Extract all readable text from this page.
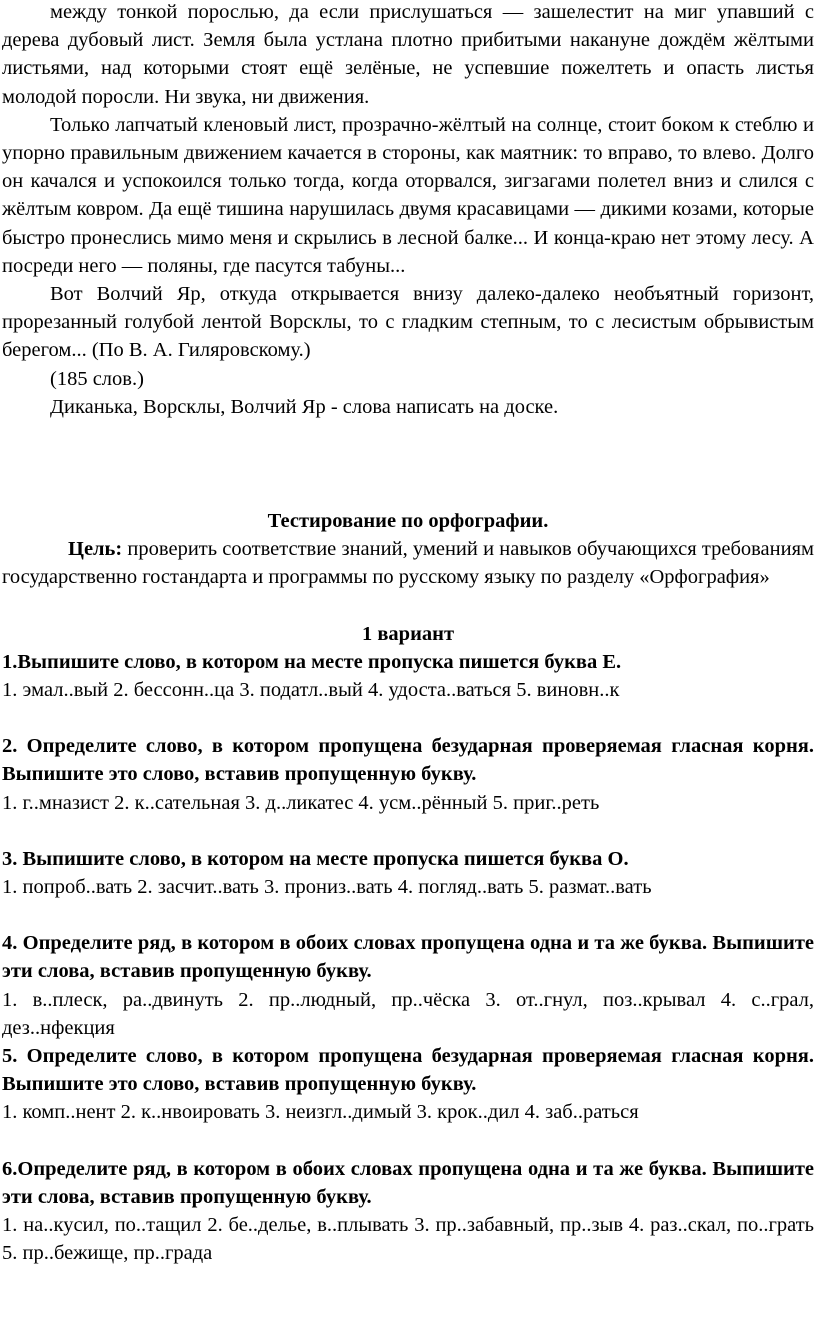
между тонкой порослью, да если прислушаться — зашелестит на миг упавший с дерева дубовый лист. Земля была устлана плотно прибитыми накануне дождём жёлтыми листьями, над которыми стоят ещё зелёные, не успевшие пожелтеть и опасть листья молодой поросли. Ни звука, ни движения.

Только лапчатый кленовый лист, прозрачно-жёлтый на солнце, стоит боком к стеблю и упорно правильным движением качается в стороны, как маятник: то вправо, то влево. Долго он качался и успокоился только тогда, когда оторвался, зигзагами полетел вниз и слился с жёлтым ковром. Да ещё тишина нарушилась двумя красавицами — дикими козами, которые быстро пронеслись мимо меня и скрылись в лесной балке... И конца-краю нет этому лесу. А посреди него — поляны, где пасутся табуны...

Вот Волчий Яр, откуда открывается внизу далеко-далеко необъятный горизонт, прорезанный голубой лентой Ворсклы, то с гладким степным, то с лесистым обрывистым берегом... (По В. А. Гиляровскому.)

(185 слов.)

Диканька, Ворсклы, Волчий Яр - слова написать на доске.

Тестирование по орфографии.

Цель: проверить соответствие знаний, умений и навыков обучающихся требованиям государственно гостандарта и программы по русскому языку по разделу «Орфография»

1 вариант

1.Выпишите слово, в котором на месте пропуска пишется буква Е.

1. эмал..вый 2. бессонн..ца 3. податл..вый 4. удоста..ваться 5. виновн..к

2. Определите слово, в котором пропущена безударная проверяемая гласная корня. Выпишите это слово, вставив пропущенную букву.

1. г..мназист 2. к..сательная 3. д..ликатес 4. усм..рённый 5. приг..реть

3. Выпишите слово, в котором на месте пропуска пишется буква О.

1. попроб..вать 2. засчит..вать 3. прониз..вать 4. погляд..вать 5. размат..вать

4. Определите ряд, в котором в обоих словах пропущена одна и та же буква. Выпишите эти слова, вставив пропущенную букву.

1. в..плеск, ра..двинуть 2. пр..людный, пр..чёска 3. от..гнул, поз..крывал 4. с..грал, дез..нфекция

5. Определите слово, в котором пропущена безударная проверяемая гласная корня. Выпишите это слово, вставив пропущенную букву.

1. комп..нент 2. к..нвоировать 3. неизгл..димый 3. крок..дил 4. заб..раться

6.Определите ряд, в котором в обоих словах пропущена одна и та же буква. Выпишите эти слова, вставив пропущенную букву.

1. на..кусил, по..тащил 2. бе..делье, в..плывать 3. пр..забавный, пр..зыв 4. раз..скал, по..грать 5. пр..бежище, пр..града
